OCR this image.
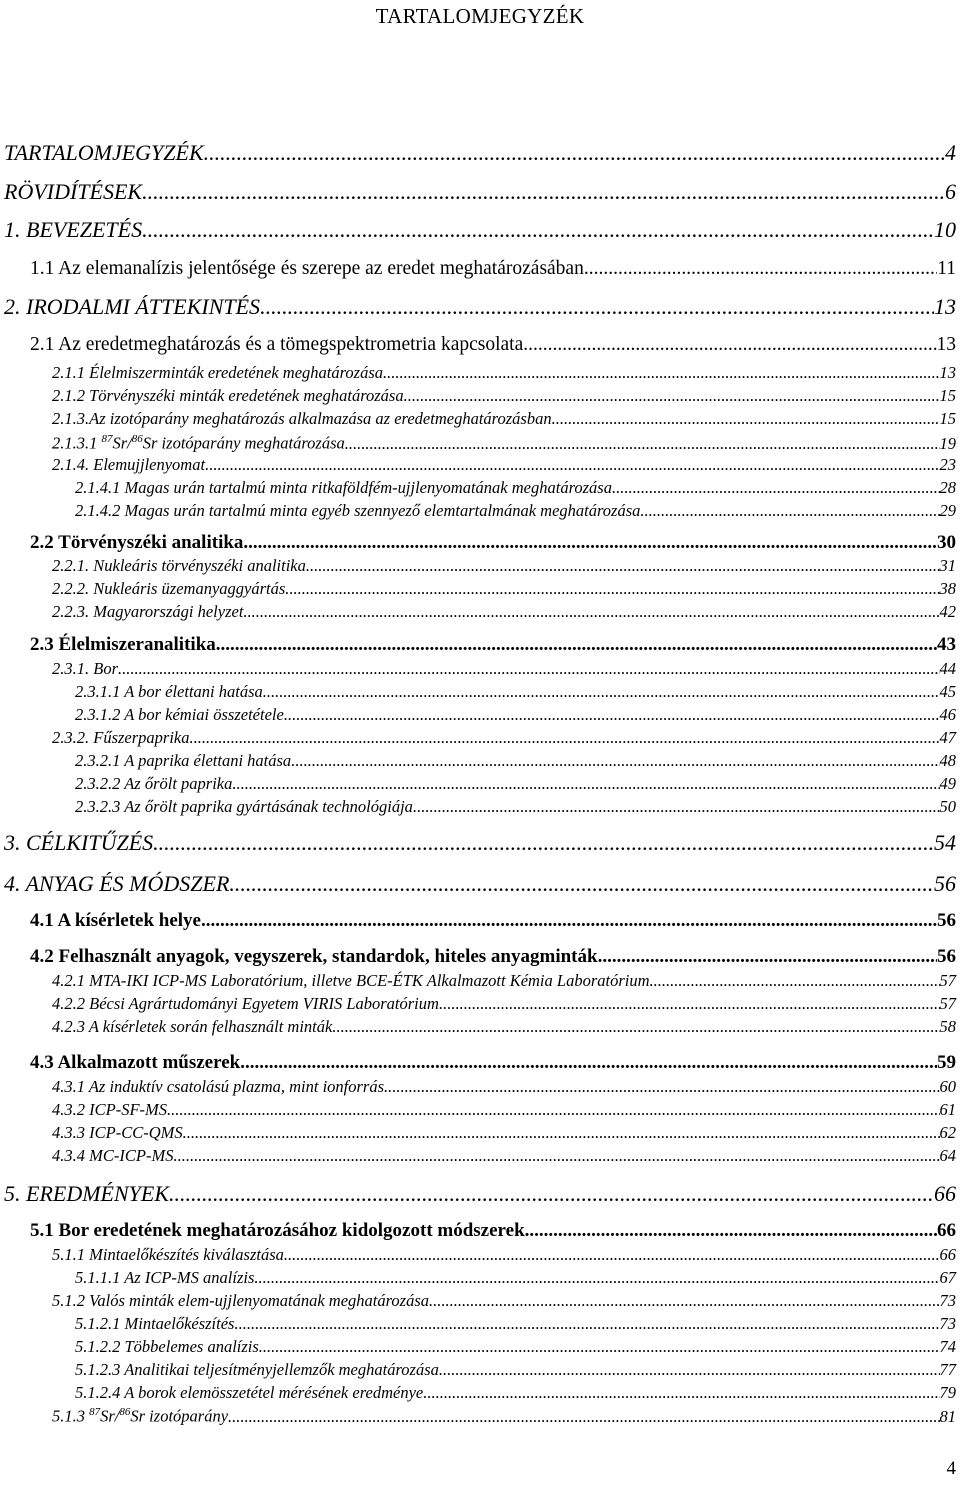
TARTALOMJEGYZÉK
TARTALOMJEGYZÉK .....	4
RÖVIDÍTÉSEK .....	6
1. BEVEZETÉS .....	10
1.1 Az elemanalízis jelentősége és szerepe az eredet meghatározásában .....	11
2. IRODALMI ÁTTEKINTÉS .....	13
2.1 Az eredetmeghatározás és a tömegspektrometria kapcsolata .....	13
2.1.1 Élelmiszerminták eredetének meghatározása .....	13
2.1.2 Törvényszéki minták eredetének meghatározása .....	15
2.1.3.Az izotóparány meghatározás alkalmazása az eredetmeghatározásban .....	15
2.1.3.1 $^{87}$Sr/$^{86}$Sr izotóparány meghatározása .....	19
2.1.4. Elemujjlenyomat .....	23
2.1.4.1 Magas urán tartalmú minta ritkaföldfém-ujjlenyomatának meghatározása .....	28
2.1.4.2 Magas urán tartalmú minta egyéb szennyező elemtartalmának meghatározása .....	29
2.2 Törvényszéki analitika .....	30
2.2.1. Nukleáris törvényszéki analitika .....	31
2.2.2. Nukleáris üzemanyaggyártás .....	38
2.2.3. Magyarországi helyzet .....	42
2.3 Élelmiszeranalitika .....	43
2.3.1. Bor .....	44
2.3.1.1 A bor élettani hatása .....	45
2.3.1.2 A bor kémiai összetétele .....	46
2.3.2. Fűszerpaprika .....	47
2.3.2.1 A paprika élettani hatása .....	48
2.3.2.2 Az őrölt paprika .....	49
2.3.2.3 Az őrölt paprika gyártásának technológiája .....	50
3. CÉLKITŰZÉS .....	54
4. ANYAG ÉS MÓDSZER .....	56
4.1 A kísérletek helye .....	56
4.2 Felhasznált anyagok, vegyszerek, standardok, hiteles anyagminták .....	56
4.2.1 MTA-IKI ICP-MS Laboratórium, illetve BCE-ÉTK Alkalmazott Kémia Laboratórium .....	57
4.2.2 Bécsi Agrártudományi Egyetem VIRIS Laboratórium .....	57
4.2.3 A kísérletek során felhasznált minták .....	58
4.3 Alkalmazott műszerek .....	59
4.3.1 Az induktív csatolású plazma, mint ionforrás .....	60
4.3.2 ICP-SF-MS .....	61
4.3.3 ICP-CC-QMS .....	62
4.3.4 MC-ICP-MS .....	64
5. EREDMÉNYEK .....	66
5.1 Bor eredetének meghatározásához kidolgozott módszerek .....	66
5.1.1 Mintaelőkészítés kiválasztása .....	66
5.1.1.1 Az ICP-MS analízis .....	67
5.1.2 Valós minták elem-ujjlenyomatának meghatározása .....	73
5.1.2.1 Mintaelőkészítés .....	73
5.1.2.2 Többelemes analízis .....	74
5.1.2.3 Analitikai teljesítményjellemzők meghatározása .....	77
5.1.2.4 A borok elemösszetétel mérésének eredménye .....	79
5.1.3 $^{87}$Sr/$^{86}$Sr izotóparány .....	81
4
